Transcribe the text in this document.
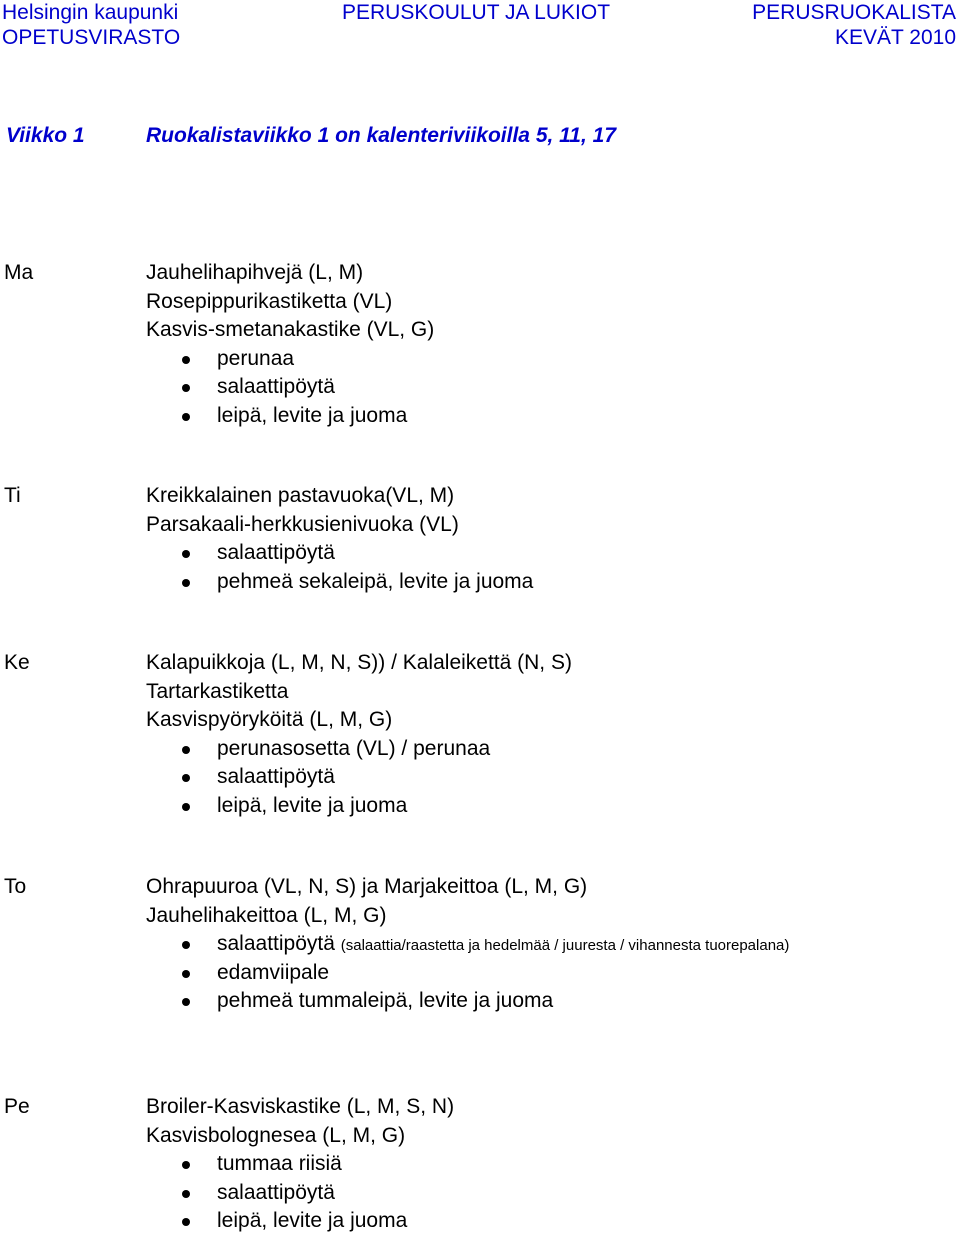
Helsingin kaupunki
OPETUSVIRASTO
PERUSKOULUT JA LUKIOT	PERUSRUOKALISTA
KEVÄT 2010
Viikko 1	Ruokalistaviikko 1 on kalenteriviikoilla 5, 11, 17
Ma	Jauhelihapihvejä (L, M)
Rosepippurikastiketta (VL)
Kasvis-smetanakastike (VL, G)
perunaa
salaattipöytä
leipä, levite ja juoma
Ti	Kreikkalainen pastavuoka(VL, M)
Parsakaali-herkkusienivuoka (VL)
salaattipöytä
pehmeä sekaleipä, levite ja juoma
Ke	Kalapuikkoja (L, M, N, S)) / Kalaleikettä (N, S)
Tartarkastiketta
Kasvispyöryköitä (L, M, G)
perunasosetta (VL) / perunaa
salaattipöytä
leipä, levite ja juoma
To	Ohrapuuroa (VL, N, S) ja Marjakeittoa (L, M, G)
Jauhelihakeittoa (L, M, G)
salaattipöytä (salaattia/raastetta ja hedelmää / juuresta / vihannesta tuorepalana)
edamviipale
pehmeä tummaleipä, levite ja juoma
Pe	Broiler-Kasviskastike (L, M, S, N)
Kasvisbolognesea (L, M, G)
tummaa riisiä
salaattipöytä
leipä, levite ja juoma
